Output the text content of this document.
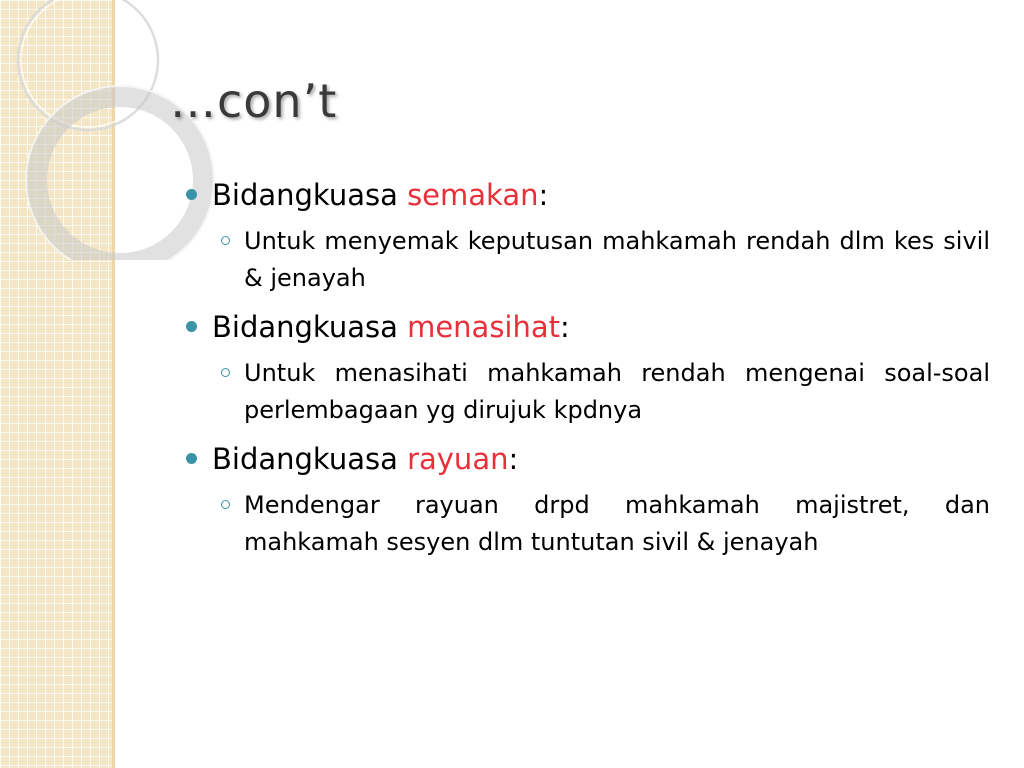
…con’t
Bidangkuasa semakan:
Untuk menyemak keputusan mahkamah rendah dlm kes sivil & jenayah
Bidangkuasa menasihat:
Untuk menasihati mahkamah rendah mengenai soal-soal perlembagaan yg dirujuk kpdnya
Bidangkuasa rayuan:
Mendengar rayuan drpd mahkamah majistret, dan mahkamah sesyen dlm tuntutan sivil & jenayah
